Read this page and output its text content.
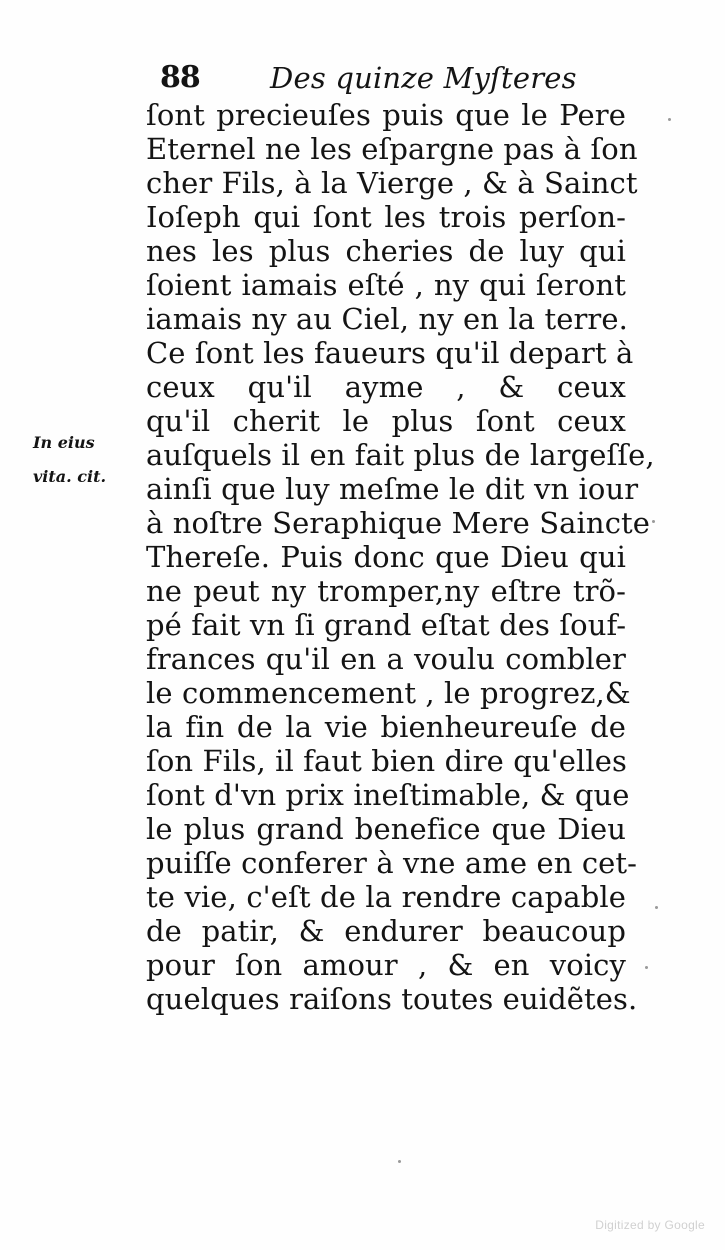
88 Des quinze Myſteres
In eius
vita. cit.
ſont precieuſes puis que le Pere
Eternel ne les eſpargne pas à ſon
cher Fils, à la Vierge , & à Sainct
Ioſeph qui ſont les trois perſon-
nes les plus cheries de luy qui
ſoient iamais eſté , ny qui ſeront
iamais ny au Ciel, ny en la terre.
Ce ſont les faueurs qu'il depart à
ceux qu'il ayme , & ceux
qu'il cherit le plus ſont ceux
auſquels il en fait plus de largeſſe,
ainſi que luy meſme le dit vn iour
à noſtre Seraphique Mere Saincte
Thereſe. Puis donc que Dieu qui
ne peut ny tromper,ny eſtre trõ-
pé fait vn ſi grand eſtat des ſouf-
frances qu'il en a voulu combler
le commencement , le progrez,&
la fin de la vie bienheureuſe de
ſon Fils, il faut bien dire qu'elles
ſont d'vn prix ineſtimable, & que
le plus grand benefice que Dieu
puiſſe conferer à vne ame en cet-
te vie, c'eſt de la rendre capable
de patir, & endurer beaucoup
pour ſon amour , & en voicy
quelques raiſons toutes euidẽtes.
Digitized by Google
